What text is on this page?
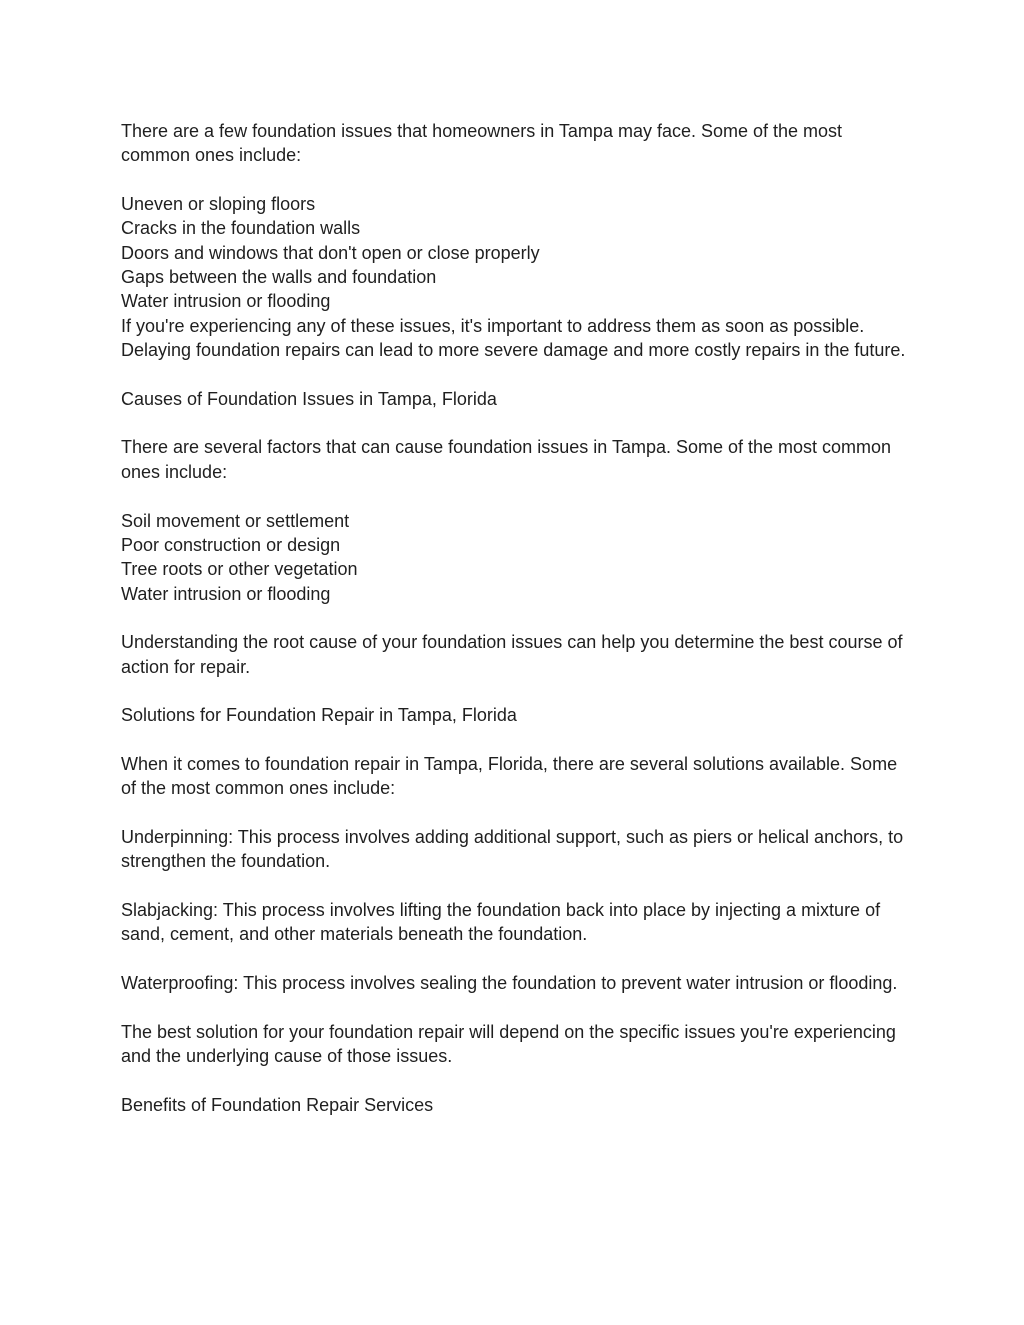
There are a few foundation issues that homeowners in Tampa may face. Some of the most common ones include:

Uneven or sloping floors
Cracks in the foundation walls
Doors and windows that don't open or close properly
Gaps between the walls and foundation
Water intrusion or flooding

If you're experiencing any of these issues, it's important to address them as soon as possible. Delaying foundation repairs can lead to more severe damage and more costly repairs in the future.

Causes of Foundation Issues in Tampa, Florida

There are several factors that can cause foundation issues in Tampa. Some of the most common ones include:

Soil movement or settlement
Poor construction or design
Tree roots or other vegetation
Water intrusion or flooding

Understanding the root cause of your foundation issues can help you determine the best course of action for repair.

Solutions for Foundation Repair in Tampa, Florida

When it comes to foundation repair in Tampa, Florida, there are several solutions available. Some of the most common ones include:

Underpinning: This process involves adding additional support, such as piers or helical anchors, to strengthen the foundation.

Slabjacking: This process involves lifting the foundation back into place by injecting a mixture of sand, cement, and other materials beneath the foundation.

Waterproofing: This process involves sealing the foundation to prevent water intrusion or flooding.

The best solution for your foundation repair will depend on the specific issues you're experiencing and the underlying cause of those issues.

Benefits of Foundation Repair Services
